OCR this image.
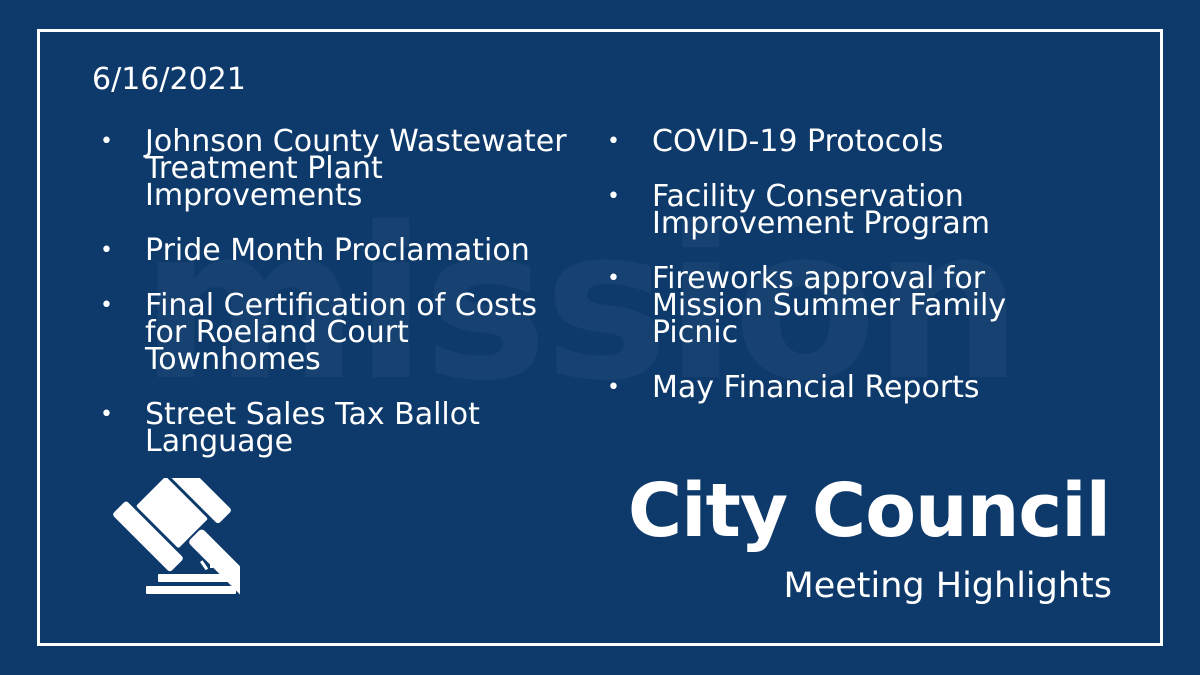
6/16/2021
• Johnson County Wastewater Treatment Plant Improvements
• Pride Month Proclamation
• Final Certification of Costs for Roeland Court Townhomes
• Street Sales Tax Ballot Language
• COVID-19 Protocols
• Facility Conservation Improvement Program
• Fireworks approval for Mission Summer Family Picnic
• May Financial Reports
City Council
Meeting Highlights
